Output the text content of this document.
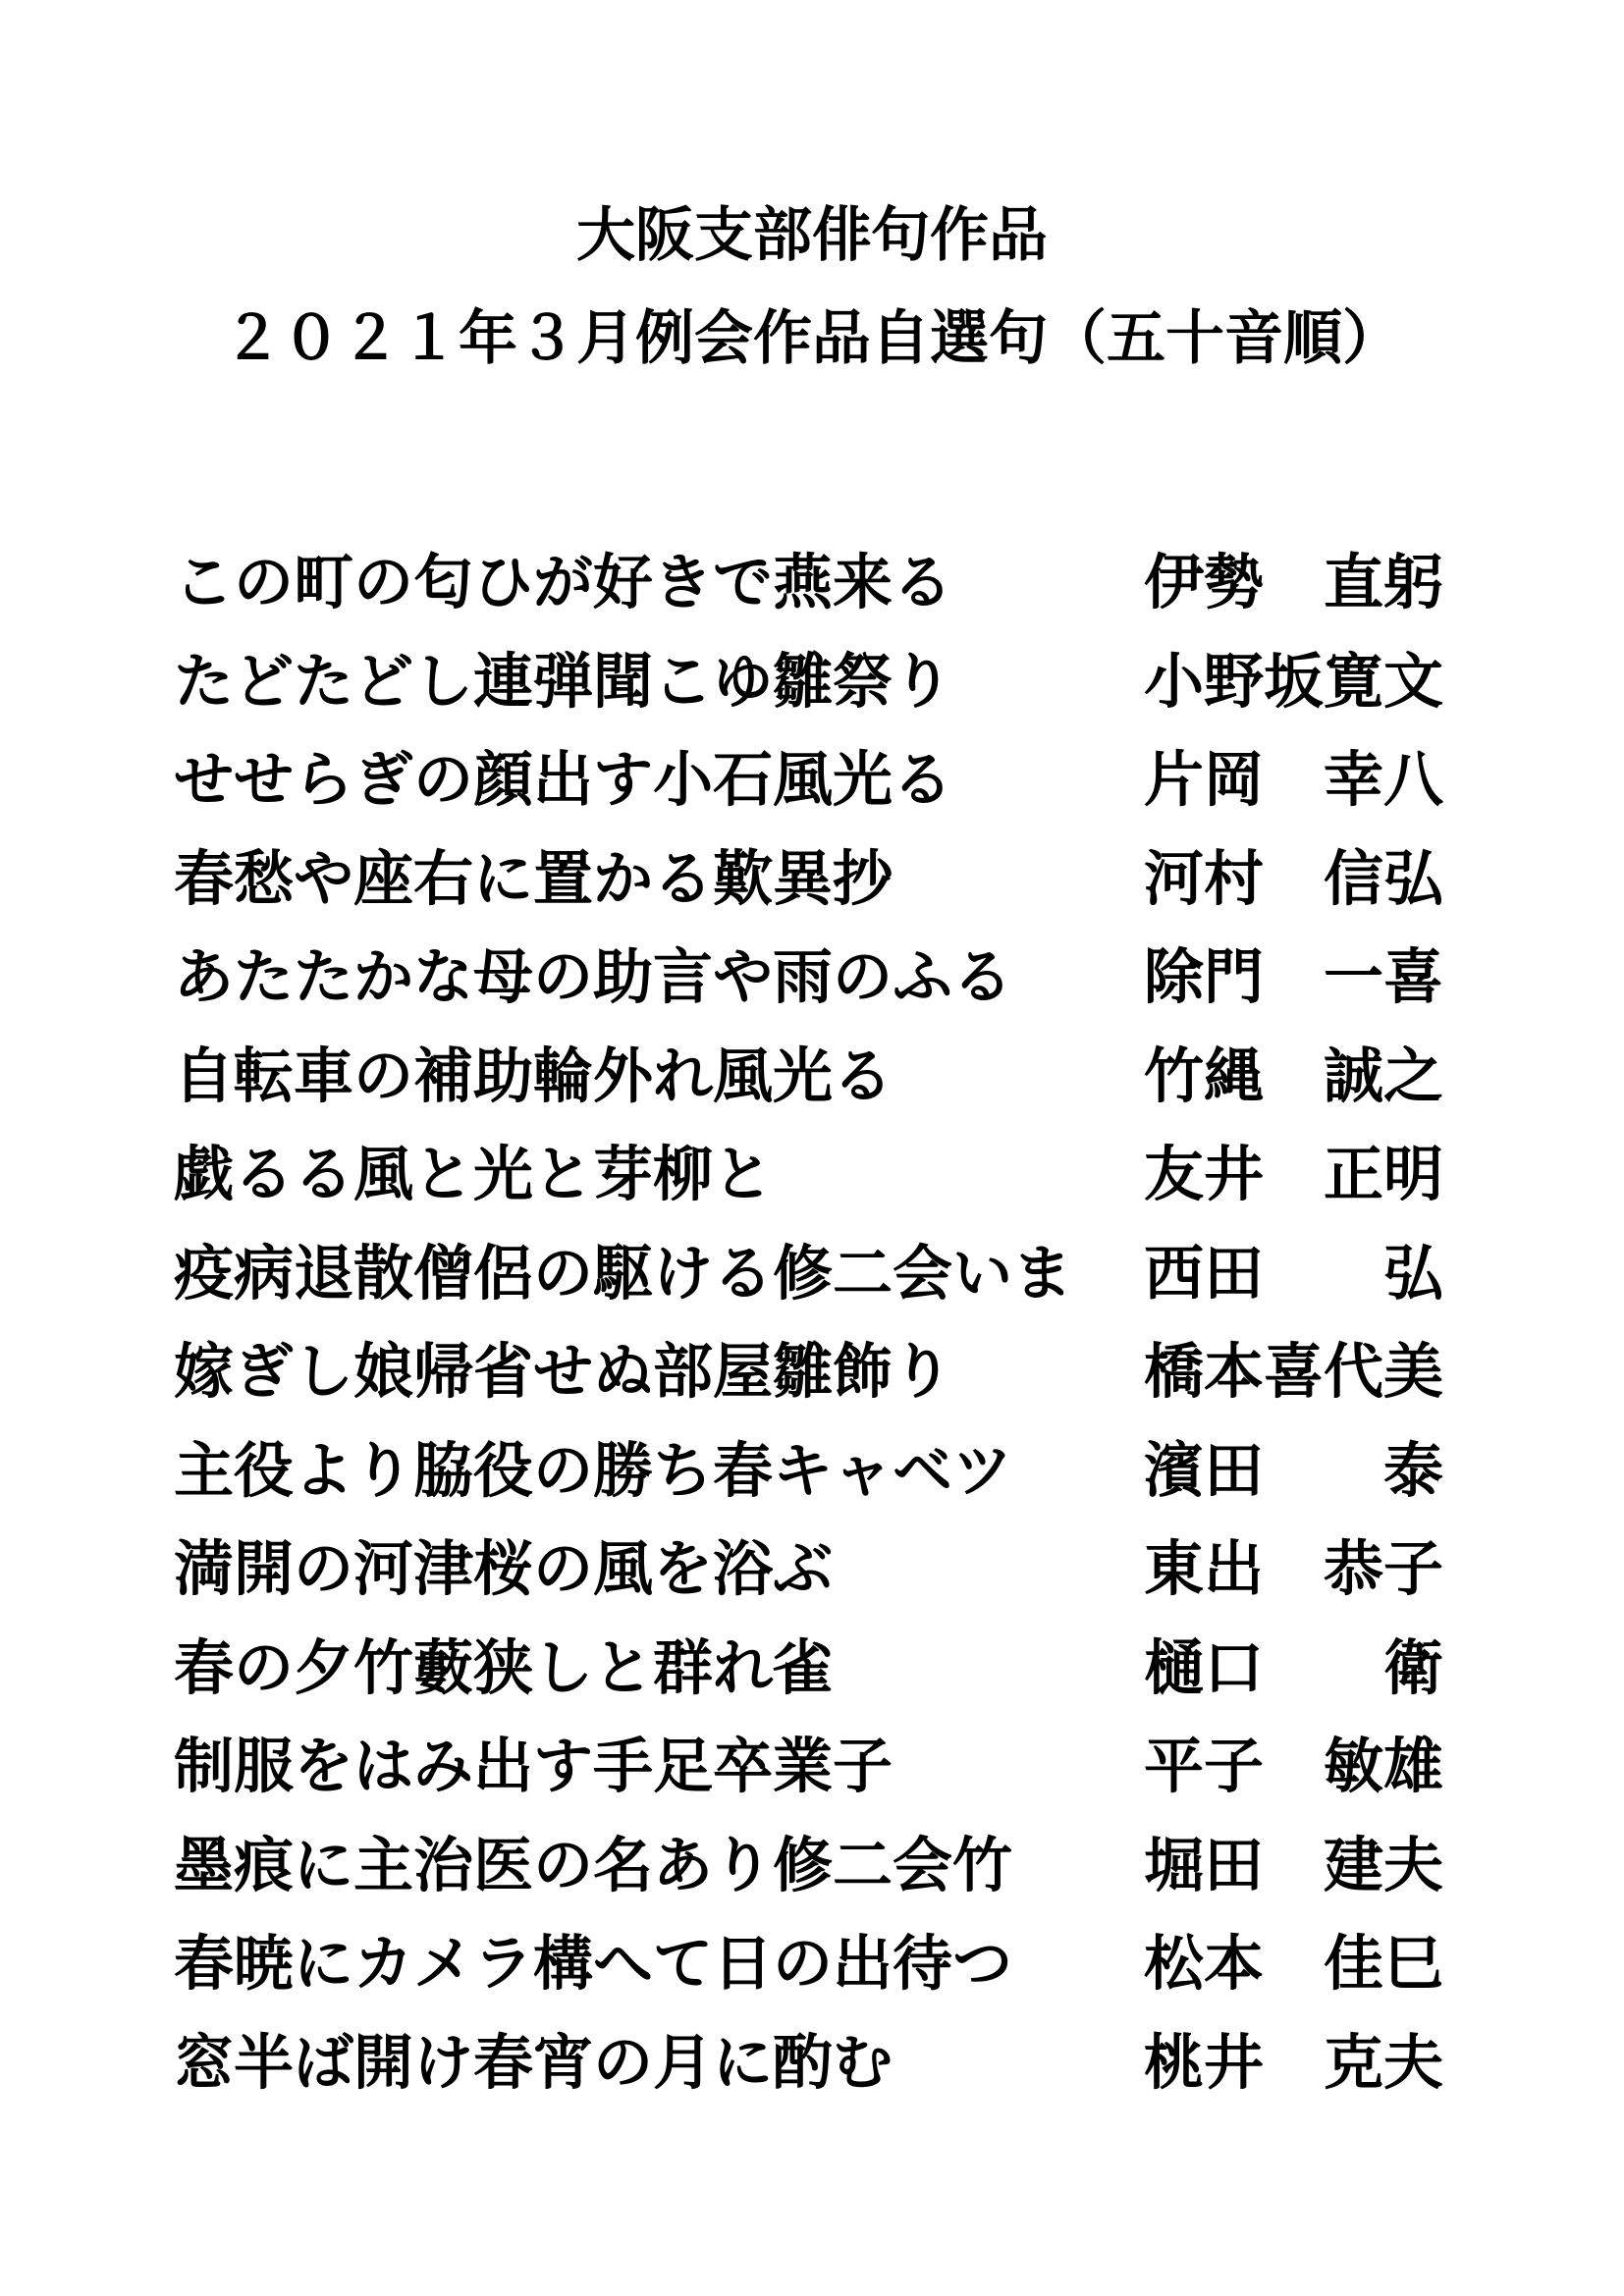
大阪支部俳句作品
２０２１年３月例会作品自選句（五十音順）
この町の匂ひが好きで燕来る	伊勢　直躬
たどたどし連弾聞こゆ雛祭り	小野坂寛文
せせらぎの顔出す小石風光る	片岡　幸八
春愁や座右に置かる歎異抄	河村　信弘
あたたかな母の助言や雨のふる	除門　一喜
自転車の補助輪外れ風光る	竹縄　誠之
戯るる風と光と芽柳と	友井　正明
疫病退散僧侶の駆ける修二会いま	西田　　弘
嫁ぎし娘帰省せぬ部屋雛飾り	橋本喜代美
主役より脇役の勝ち春キャベツ	濱田　　泰
満開の河津桜の風を浴ぶ	東出　恭子
春の夕竹藪狭しと群れ雀	樋口　　衛
制服をはみ出す手足卒業子	平子　敏雄
墨痕に主治医の名あり修二会竹	堀田　建夫
春暁にカメラ構へて日の出待つ	松本　佳巳
窓半ば開け春宵の月に酌む	桃井　克夫
